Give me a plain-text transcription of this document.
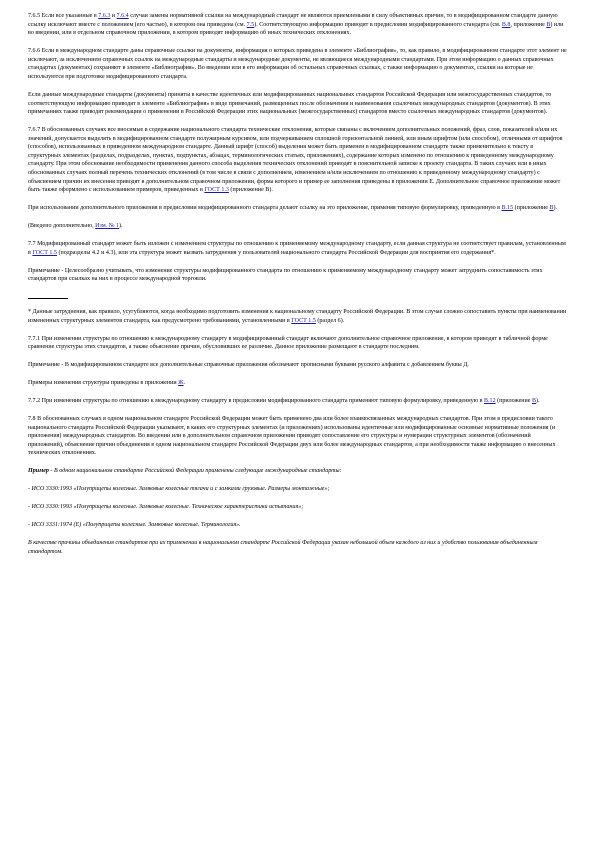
7.6.5 Если все указанные в 7.6.3 и 7.6.4 случаи замены нормативной ссылки на международный стандарт не являются приемлемыми в силу объективных причин, то в модифицированном стандарте данную ссылку исключают вместе с положением (его частью), в котором она приведена (см. 7.5). Соответствующую информацию приводят в предисловии модифицированного стандарта (см. В.8, приложение В) или во введении, или в отдельном справочном приложении, в котором приводят информацию об иных технических отклонениях.

7.6.6 Если в международном стандарте даны справочные ссылки на документы, информация о которых приведена в элементе «Библиография», то, как правило, в модифицированном стандарте этот элемент не исключают, за исключением справочных ссылок на международные стандарты и международные документы, не являющиеся международными стандартами. При этом информацию о данных справочных стандартах (документах) сохраняют в элементе «Библиография». Во введении или в его информации об остальных справочных ссылках, с также информацию о документах, ссылки на которые не используются при подготовке модифицированного стандарта.

Если данные международные стандарты (документы) приняты в качестве идентичных или модифицированных национальных стандартов Российской Федерации или межгосударственных стандартов, то соответствующую информацию приводят в элементе «Библиография» в виде примечаний, размещенных после обозначения и наименования ссылочных международных стандартов (документов). В этих примечаниях также приводят рекомендации о применении в Российской Федерации этих национальных (межгосударственных) стандартов вместо ссылочных международных стандартов (документов).

7.6.7 В обоснованных случаях все вносимые в содержание национального стандарта технические отклонения, которые связаны с включением дополнительных положений, фраз, слов, показателей и/или их значений, допускается выделять в модифицированном стандарте полужирным курсивом, или подчеркиванием сплошной горизонтальной линией, или иным шрифтом (или способом), отличными от шрифтов (способов), использованных в приведенном международном стандарте. Данный шрифт (способ) выделения может быть применен в модифицированном стандарте также применительно к тексту в структурных элементах (разделах, подразделах, пунктах, подпунктах, абзацах, терминологических статьях, приложениях), содержание которых изменено по отношению к приведенному международному стандарту. При этом обоснование необходимости применения данного способа выделения технических отклонений приводят в пояснительной записке к проекту стандарта. В таких случаях или в иных обоснованных случаях полный перечень технических отклонений (в том числе в связи с дополнением, изменением и/или исключением по отношению к приведенному международному стандарту) с объяснением причин их внесения приводят в дополнительном справочном приложении, форма которого и пример ее заполнения приведены в приложении Е. Дополнительное справочное приложение может быть также оформлено с использованием примеров, приведенных в ГОСТ 1.3 (приложение В).

При использовании дополнительного приложения в предисловии модифицированного стандарта делают ссылку на это приложение, применяя типовую формулировку, приведенную в В.15 (приложение В).

(Введено дополнительно, Изм. № 1).

7.7 Модифицированный стандарт может быть изложен с изменением структуры по отношению к применяемому международному стандарту, если данная структура не соответствует правилам, установленным в ГОСТ 1.5 (подразделы 4.2 и 4.3), или эта структура может вызвать затруднения у пользователей национального стандарта Российской Федерации для восприятия его содержания*.

Примечание - Целесообразно учитывать, что изменение структуры модифицированного стандарта по отношению к применяемому международному стандарту может затруднить сопоставимость этих стандартов при ссылках на них в процессе международной торговли.

* Данные затруднения, как правило, усугубляются, когда необходимо подготовить изменения к национальному стандарту Российской Федерации. В этом случае сложно сопоставить пункты при наименовании измененных структурных элементов стандарта, как предусмотрено требованиями, установленными в ГОСТ 1.5 (раздел 6).

7.7.1 При изменении структуры по отношению к международному стандарту в модифицированный стандарт включают дополнительное справочное приложение, в котором приводят в табличной форме сравнение структуры этих стандартов, а также объяснение причин, обусловивших ее различие. Данное приложение размещают в стандарте последним.

Примечание - В модифицированном стандарте все дополнительные справочные приложения обозначают прописными буквами русского алфавита с добавлением буквы Д.

Примеры изменения структуры приведены в приложении Ж.

7.7.2 При изменении структуры по отношению к международному стандарту в предисловии модифицированного стандарта применяют типовую формулировку, приведенную в В.12 (приложение В).

7.8 В обоснованных случаях в одном национальном стандарте Российской Федерации может быть применено два или более взаимосвязанных международных стандартов. При этом в предисловии такого национального стандарта Российской Федерации указывают, в каких его структурных элементах (и приложениях) использованы идентичные или модифицированные основные нормативные положения (и приложения) международных стандартов. Во введении или в дополнительном справочном приложении приводят сопоставление его структуры и нумерации структурных элементов (обозначений приложений), объяснение причин объединения в одном национальном стандарте Российской Федерации двух или более международных стандартов, а при необходимости также информацию о внесенных технических отклонениях.

Пример - В одном национальном стандарте Российской Федерации применены следующие международные стандарты:

- ИСО 3330:1993 «Полуприцепы колесные. Замковые колесные тягачи и с замками грузовые. Размеры монтажные»;

- ИСО 3330:1993 «Полуприцепы колесные. Замковые колесные. Техническое характеристики испытания»;

- ИСО 3331:1974 (Е) «Полуприцепы колесные. Замковые колесные. Терминология».

В качестве причины объединения стандартов при их применении в национальном стандарте Российской Федерации указан небольшой объем каждого из них и удобство пользования объединенным стандартом.
